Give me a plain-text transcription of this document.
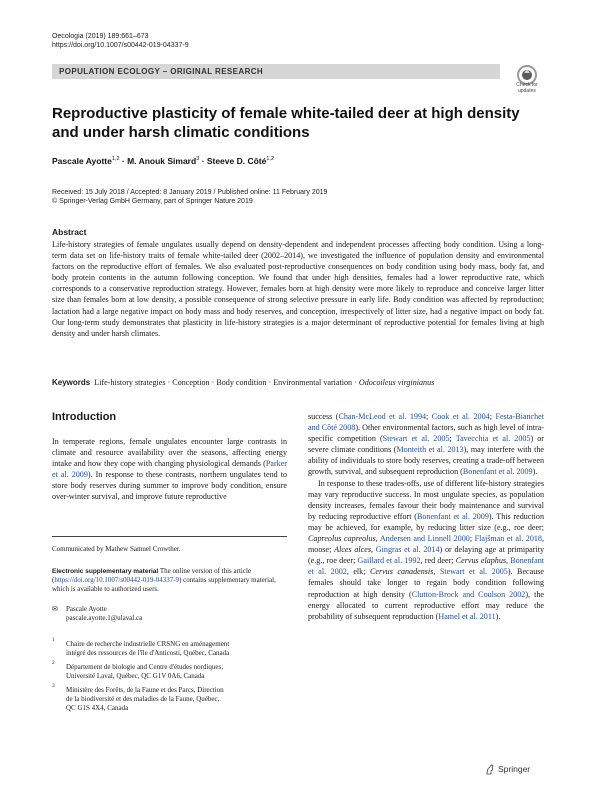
Oecologia (2019) 189:661–673
https://doi.org/10.1007/s00442-019-04337-9
POPULATION ECOLOGY – ORIGINAL RESEARCH
Check for
updates
Reproductive plasticity of female white-tailed deer at high density
and under harsh climatic conditions
Pascale Ayotte$^{1,2}$ · M. Anouk Simard$^3$ · Steeve D. Côté$^{1,2}$
Received: 15 July 2018 / Accepted: 8 January 2019 / Published online: 11 February 2019
© Springer-Verlag GmbH Germany, part of Springer Nature 2019
Abstract
Life-history strategies of female ungulates usually depend on density-dependent and independent processes affecting body condition. Using a long-term data set on life-history traits of female white-tailed deer (2002–2014), we investigated the influence of population density and environmental factors on the reproductive effort of females. We also evaluated post-reproductive consequences on body condition using body mass, body fat, and body protein contents in the autumn following conception. We found that under high densities, females had a lower reproductive rate, which corresponds to a conservative reproduction strategy. However, females born at high density were more likely to reproduce and conceive larger litter size than females born at low density, a possible consequence of strong selective pressure in early life. Body condition was affected by reproduction; lactation had a large negative impact on body mass and body reserves, and conception, irrespectively of litter size, had a negative impact on body fat. Our long-term study demonstrates that plasticity in life-history strategies is a major determinant of reproductive potential for females living at high density and under harsh climates.
Keywords Life-history strategies · Conception · Body condition · Environmental variation · Odocoileus virginianus
Introduction
In temperate regions, female ungulates encounter large contrasts in climate and resource availability over the seasons, affecting energy intake and how they cope with changing physiological demands (Parker et al. 2009). In response to these contrasts, northern ungulates tend to store body reserves during summer to improve body condition, ensure over-winter survival, and improve future reproductive
success (Chan-McLeod et al. 1994; Cook et al. 2004; Festa-Bianchet and Côté 2008). Other environmental factors, such as high level of intra-specific competition (Stewart et al. 2005; Tavecchia et al. 2005) or severe climate conditions (Monteith et al. 2013), may interfere with the ability of individuals to store body reserves, creating a trade-off between growth, survival, and subsequent reproduction (Bonenfant et al. 2009).
In response to these trades-offs, use of different life-history strategies may vary reproductive success. In most ungulate species, as population density increases, females favour their body maintenance and survival by reducing reproductive effort (Bonenfant et al. 2009). This reduction may be achieved, for example, by reducing litter size (e.g., roe deer; Capreolus capreolus, Andersen and Linnell 2000; Flajšman et al. 2018, moose; Alces alces, Gingras et al. 2014) or delaying age at primiparity (e.g., roe deer; Gaillard et al. 1992, red deer; Cervus elaphus, Bonenfant et al. 2002, elk; Cervus canadensis, Stewart et al. 2005). Because females should take longer to regain body condition following reproduction at high density (Clutton-Brock and Coulson 2002), the energy allocated to current reproductive effort may reduce the probability of subsequent reproduction (Hamel et al. 2011).
Communicated by Mathew Samuel Crowther.
Electronic supplementary material The online version of this article (https://doi.org/10.1007/s00442-019-04337-9) contains supplementary material, which is available to authorized users.
✉ Pascale Ayotte
pascale.ayotte.1@ulaval.ca
1	Chaire de recherche industrielle CRSNG en aménagement
intégré des ressources de l'île d'Anticosti, Québec, Canada
2	Département de biologie and Centre d'études nordiques,
Université Laval, Québec, QC G1V 0A6, Canada
3	Ministère des Forêts, de la Faune et des Parcs, Direction
de la biodiversité et des maladies de la Faune, Québec,
QC G1S 4X4, Canada
Springer
